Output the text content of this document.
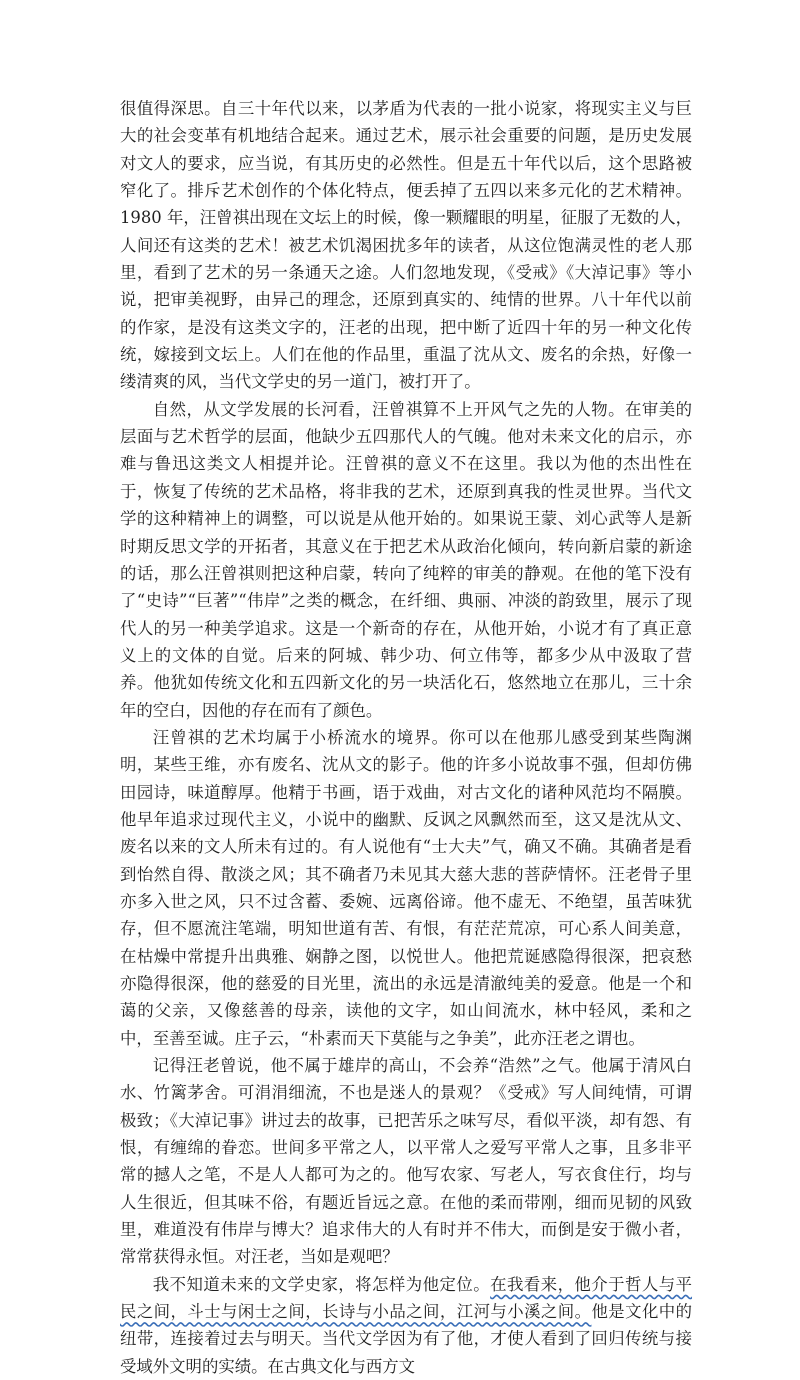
很值得深思。自三十年代以来，以茅盾为代表的一批小说家，将现实主义与巨大的社会变革有机地结合起来。通过艺术，展示社会重要的问题，是历史发展对文人的要求，应当说，有其历史的必然性。但是五十年代以后，这个思路被窄化了。排斥艺术创作的个体化特点，便丢掉了五四以来多元化的艺术精神。1980 年，汪曾祺出现在文坛上的时候，像一颗耀眼的明星，征服了无数的人，人间还有这类的艺术！被艺术饥渴困扰多年的读者，从这位饱满灵性的老人那里，看到了艺术的另一条通天之途。人们忽地发现，《受戒》《大淖记事》等小说，把审美视野，由异己的理念，还原到真实的、纯情的世界。八十年代以前的作家，是没有这类文字的，汪老的出现，把中断了近四十年的另一种文化传统，嫁接到文坛上。人们在他的作品里，重温了沈从文、废名的余热，好像一缕清爽的风，当代文学史的另一道门，被打开了。

自然，从文学发展的长河看，汪曾祺算不上开风气之先的人物。在审美的层面与艺术哲学的层面，他缺少五四那代人的气魄。他对未来文化的启示，亦难与鲁迅这类文人相提并论。汪曾祺的意义不在这里。我以为他的杰出性在于，恢复了传统的艺术品格，将非我的艺术，还原到真我的性灵世界。当代文学的这种精神上的调整，可以说是从他开始的。如果说王蒙、刘心武等人是新时期反思文学的开拓者，其意义在于把艺术从政治化倾向，转向新启蒙的新途的话，那么汪曾祺则把这种启蒙，转向了纯粹的审美的静观。在他的笔下没有了“史诗”“巨著”“伟岸”之类的概念，在纤细、典丽、冲淡的韵致里，展示了现代人的另一种美学追求。这是一个新奇的存在，从他开始，小说才有了真正意义上的文体的自觉。后来的阿城、韩少功、何立伟等，都多少从中汲取了营养。他犹如传统文化和五四新文化的另一块活化石，悠然地立在那儿，三十余年的空白，因他的存在而有了颜色。

汪曾祺的艺术均属于小桥流水的境界。你可以在他那儿感受到某些陶渊明，某些王维，亦有废名、沈从文的影子。他的许多小说故事不强，但却仿佛田园诗，味道醇厚。他精于书画，语于戏曲，对古文化的诸种风范均不隔膜。他早年追求过现代主义，小说中的幽默、反讽之风飘然而至，这又是沈从文、废名以来的文人所未有过的。有人说他有“士大夫”气，确又不确。其确者是看到怡然自得、散淡之风；其不确者乃未见其大慈大悲的菩萨情怀。汪老骨子里亦多入世之风，只不过含蓄、委婉、远离俗谛。他不虚无、不绝望，虽苦味犹存，但不愿流注笔端，明知世道有苦、有恨，有茫茫荒凉，可心系人间美意，在枯燥中常提升出典雅、娴静之图，以悦世人。他把荒诞感隐得很深，把哀愁亦隐得很深，他的慈爱的目光里，流出的永远是清澈纯美的爱意。他是一个和蔼的父亲，又像慈善的母亲，读他的文字，如山间流水，林中轻风，柔和之中，至善至诚。庄子云，“朴素而天下莫能与之争美”，此亦汪老之谓也。

记得汪老曾说，他不属于雄岸的高山，不会养“浩然”之气。他属于清风白水、竹篱茅舍。可涓涓细流，不也是迷人的景观？《受戒》写人间纯情，可谓极致；《大淖记事》讲过去的故事，已把苦乐之味写尽，看似平淡，却有怨、有恨，有缠绵的眷恋。世间多平常之人，以平常人之爱写平常人之事，且多非平常的撼人之笔，不是人人都可为之的。他写农家、写老人，写衣食住行，均与人生很近，但其味不俗，有题近旨远之意。在他的柔而带刚，细而见韧的风致里，难道没有伟岸与博大？追求伟大的人有时并不伟大，而倒是安于微小者，常常获得永恒。对汪老，当如是观吧？

我不知道未来的文学史家，将怎样为他定位。在我看来，他介于哲人与平民之间，斗士与闲士之间，长诗与小品之间，江河与小溪之间。他是文化中的纽带，连接着过去与明天。当代文学因为有了他，才使人看到了回归传统与接受域外文明的实绩。在古典文化与西方文
